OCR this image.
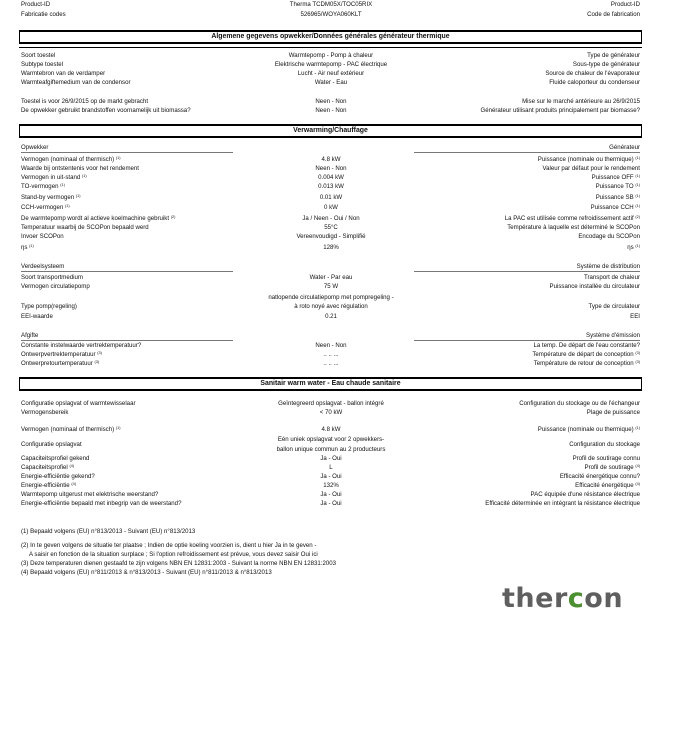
Product-ID	Therma TCDM05X/TOC05RIX	Product-ID
Fabricatie codes	526965/WOYA060KLT	Code de fabrication
Algemene gegevens opwekker/Données générales générateur thermique
Soort toestel	Warmtepomp - Pomp à chaleur	Type de générateur
Subtype toestel	Elektrische warmtepomp - PAC électrique	Sous-type de générateur
Warmtebron van de verdamper	Lucht - Air neuf extérieur	Source de chaleur de l'évaporateur
Warmteafgiftemedium van de condensor	Water - Eau	Fluide caloporteur du condenseur
Toestel is voor 26/9/2015 op de markt gebracht	Neen - Non	Mise sur le marché antérieure au 26/9/2015
De opwekker gebruikt brandstoffen voornamelijk uit biomassa?	Neen - Non	Générateur utilisant produits principalement par biomasse?
Verwarming/Chauffage
Opwekker	Générateur
Vermogen (nominaal of thermisch) $^{(1)}$	4.8 kW	Puissance (nominale ou thermique) $^{(1)}$
Waarde bij ontstentenis voor het rendement	Neen - Non	Valeur par défaut pour le rendement
Vermogen in uit-stand $^{(1)}$	0.004 kW	Puissance OFF $^{(1)}$
TO-vermogen $^{(1)}$	0.013 kW	Puissance TO $^{(1)}$
Stand-by vermogen $^{(1)}$	0.01 kW	Puissance SB $^{(1)}$
CCH-vermogen $^{(1)}$	0 kW	Puissance CCH $^{(1)}$
De warmtepomp wordt al actieve koelmachine gebruikt $^{(2)}$	Ja / Neen - Oui / Non	La PAC est utilisée comme refroidissement actif $^{(2)}$
Temperatuur waarbij de SCOPon bepaald werd	55°C	Température à laquelle est déterminé le SCOPon
Invoer SCOPon	Vereenvoudigd - Simplifié	Encodage du SCOPon
ηs $^{(1)}$	128%	ηs $^{(1)}$
Verdeelsysteem	Système de distribution
Soort transportmedium	Water - Par eau	Transport de chaleur
Vermogen circulatiepomp	75 W	Puissance installée du circulateur
natlopende circulatiepomp met pompregeling -
Type pomp(regeling)	à roto noyé avec régulation	Type de circulateur
EEI-waarde	0.21	EEI
Afgifte	Système d'émission
Constante instelwaarde vertrektemperatuur?	Neen - Non	La temp. De départ de l'eau constante?
Ontwerpvertrektemperatuur $^{(3)}$	.. .. ...	Température de départ de conception $^{(3)}$
Ontwerpretourtemperatuur $^{(3)}$	.. .. ...	Température de retour de conception $^{(3)}$
Sanitair warm water - Eau chaude sanitaire
Configuratie opslagvat of warmtewisselaar	Geïntegreerd opslagvat - ballon intégré	Configuration du stockage ou de l'échangeur
Vermogensbereik	< 70 kW	Plage de puissance
Vermogen (nominaal of thermisch) $^{(1)}$	4.8 kW	Puissance (nominale ou thermique) $^{(1)}$
Eén uniek opslagvat voor 2 opwekkers-
Configuratie opslagvat	Configuration du stockage
ballon unique commun au 2 producteurs
Capaciteitsprofiel gekend	Ja - Oui	Profil de soutirage connu
Capaciteitsprofiel $^{(4)}$	L	Profil de soutirage $^{(4)}$
Energie-efficiëntie gekend?	Ja - Oui	Efficacité énergétique connu?
Energie-efficiëntie $^{(4)}$	132%	Efficacité énergétique $^{(4)}$
Warmtepomp uitgerust met elektrische weerstand?	Ja - Oui	PAC équipée d'une résistance électrique
Energie-efficiëntie bepaald met inbegrip van de weerstand?	Ja - Oui	Efficacité déterminée en intégrant la résistance électrique
(1) Bepaald volgens (EU) n°813/2013 - Suivant (EU) n°813/2013
(2) In te geven volgens de situatie ter plaatse ; Indien de optie koeling voorzien is, dient u hier Ja in te geven -
A saisir en fonction de la situation surplace ; Si l'option refroidissement est prévue, vous devez saisir Oui ici
(3) Deze temperaturen dienen gestaafd te zijn volgens NBN EN 12831:2003 - Suivant la norme NBN EN 12831:2003
(4) Bepaald volgens (EU) n°811/2013 & n°813/2013 - Suivant (EU) n°811/2013 & n°813/2013
thercon
